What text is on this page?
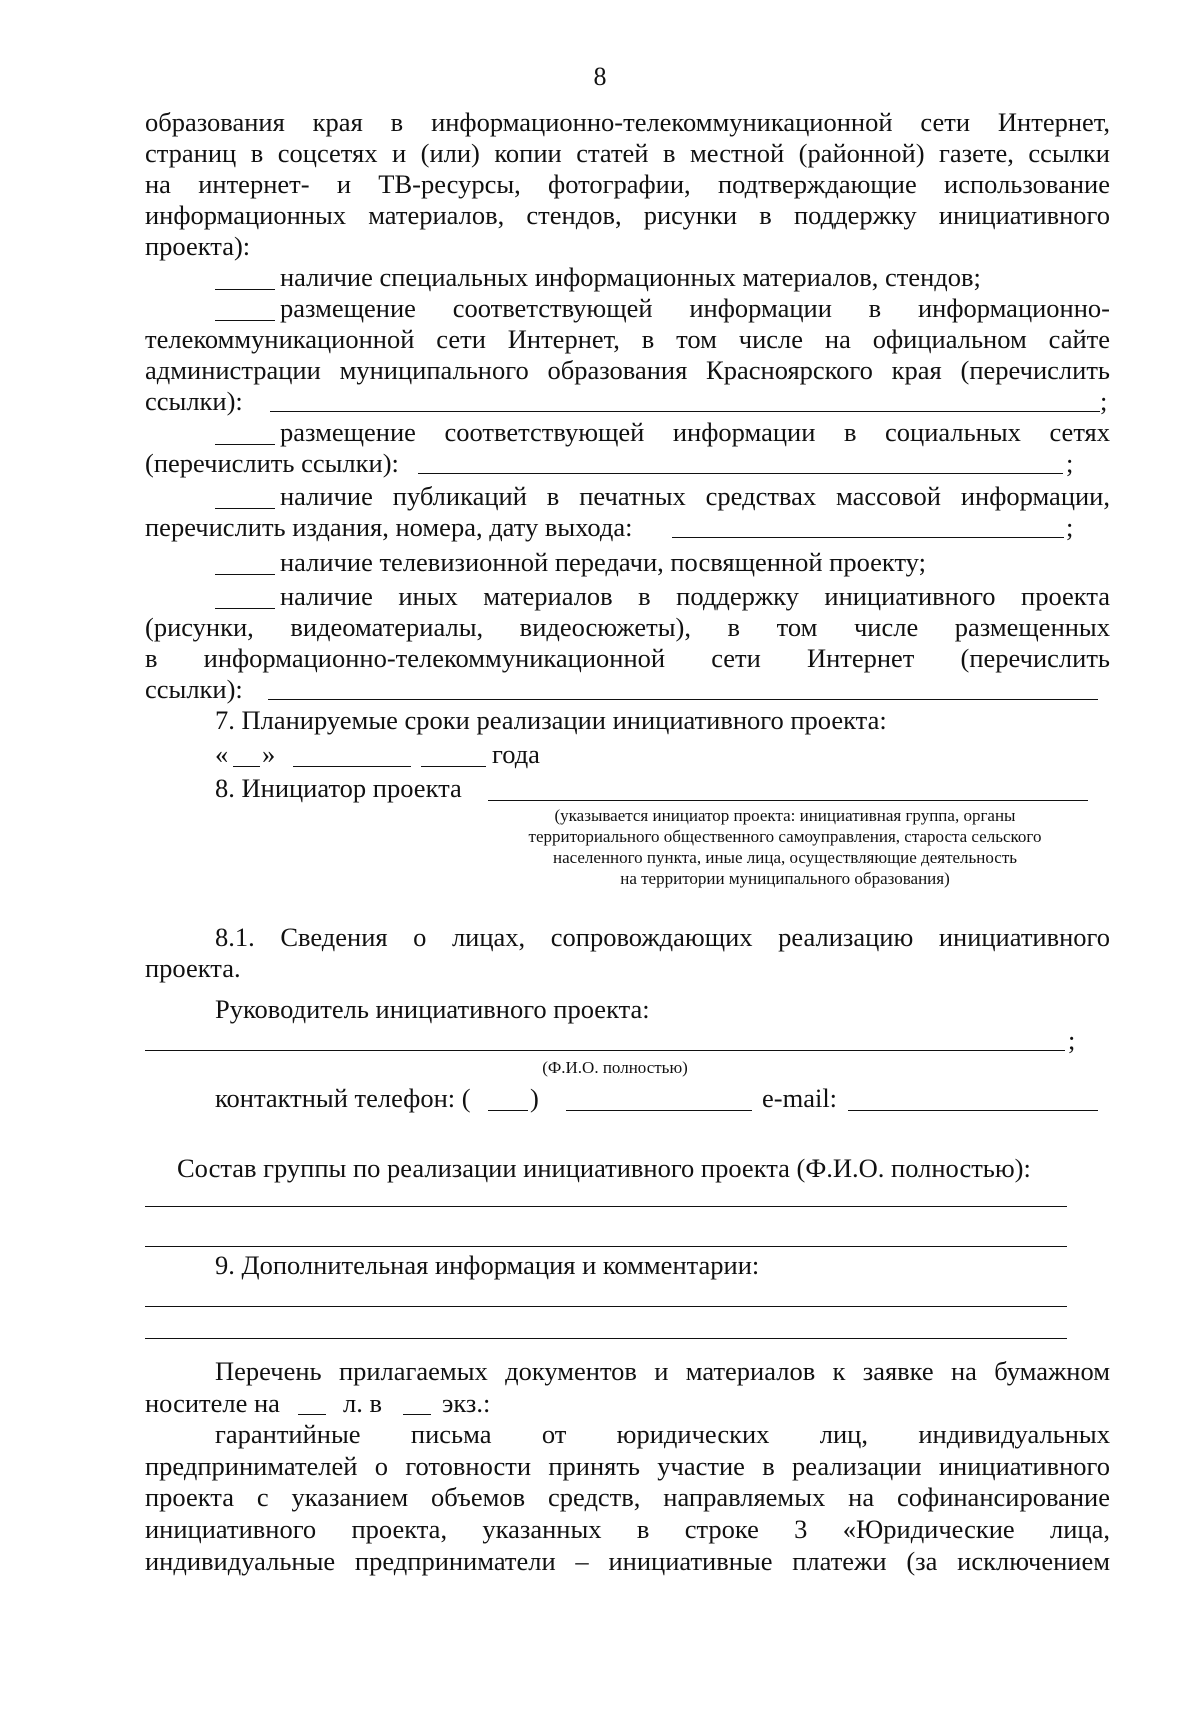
8
образования края в информационно-телекоммуникационной сети Интернет,
страниц в соцсетях и (или) копии статей в местной (районной) газете, ссылки
на интернет- и ТВ-ресурсы, фотографии, подтверждающие использование
информационных материалов, стендов, рисунки в поддержку инициативного
проекта):
наличие специальных информационных материалов, стендов;
размещение соответствующей информации в информационно-
телекоммуникационной сети Интернет, в том числе на официальном сайте
администрации муниципального образования Красноярского края (перечислить
ссылки):	;
размещение соответствующей информации в социальных сетях
(перечислить ссылки):	;
наличие публикаций в печатных средствах массовой информации,
перечислить издания, номера, дату выхода:	;
наличие телевизионной передачи, посвященной проекту;
наличие иных материалов в поддержку инициативного проекта
(рисунки, видеоматериалы, видеосюжеты), в том числе размещенных
в информационно-телекоммуникационной сети Интернет (перечислить
ссылки):
7. Планируемые сроки реализации инициативного проекта:
« »	года
8. Инициатор проекта
(указывается инициатор проекта: инициативная группа, органы
территориального общественного самоуправления, староста сельского
населенного пункта, иные лица, осуществляющие деятельность
на территории муниципального образования)
8.1. Сведения о лицах, сопровождающих реализацию инициативного
проекта.
Руководитель инициативного проекта:
;
(Ф.И.О. полностью)
контактный телефон: ( )	e-mail:
Состав группы по реализации инициативного проекта (Ф.И.О. полностью):
9. Дополнительная информация и комментарии:
Перечень прилагаемых документов и материалов к заявке на бумажном
носителе на л. в экз.:
гарантийные письма от юридических лиц, индивидуальных
предпринимателей о готовности принять участие в реализации инициативного
проекта с указанием объемов средств, направляемых на софинансирование
инициативного проекта, указанных в строке 3 «Юридические лица,
индивидуальные предприниматели – инициативные платежи (за исключением
